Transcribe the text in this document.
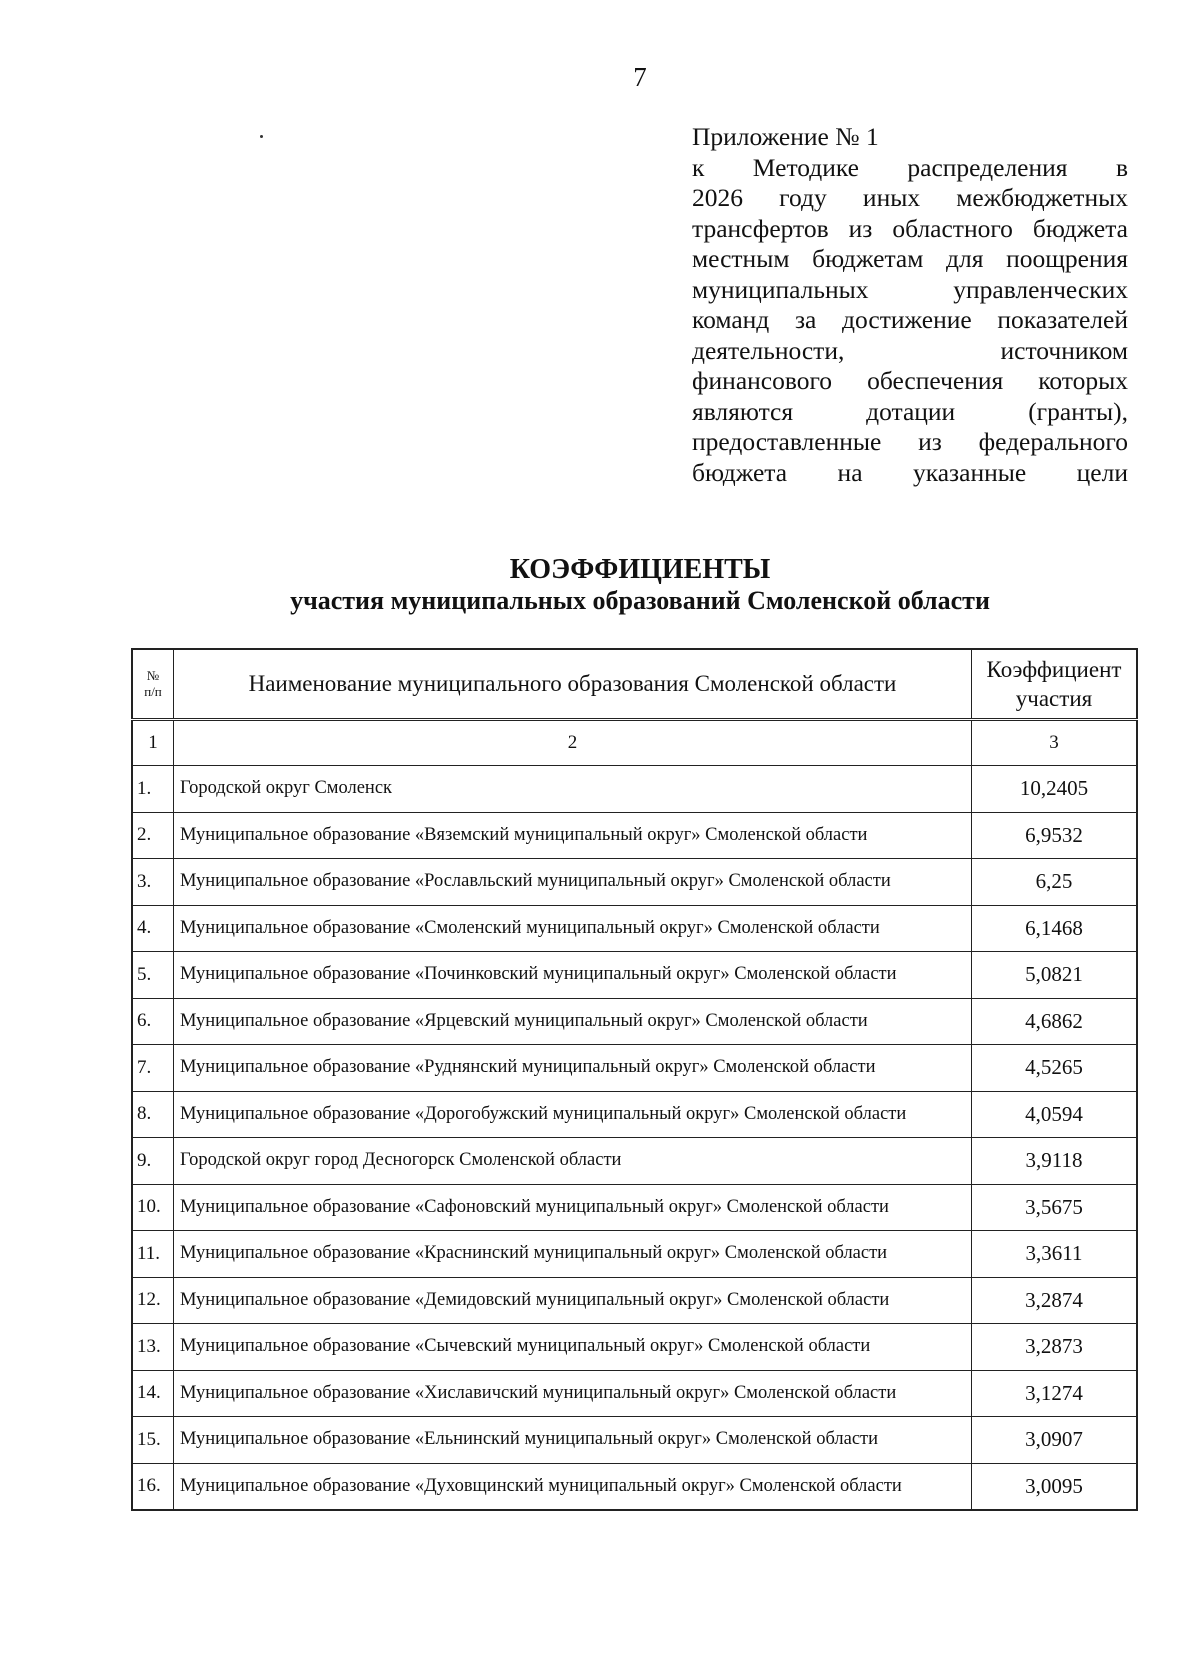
7
Приложение № 1
к Методике распределения в
2026 году иных межбюджетных
трансфертов из областного бюджета
местным бюджетам для поощрения
муниципальных управленческих
команд за достижение показателей
деятельности, источником
финансового обеспечения которых
являются дотации (гранты),
предоставленные из федерального
бюджета на указанные цели
КОЭФФИЦИЕНТЫ
участия муниципальных образований Смоленской области
№
п/п	Наименование муниципального образования Смоленской области	Коэффициент
участия
1	2	3
1.	Городской округ Смоленск	10,2405
2.	Муниципальное образование «Вяземский муниципальный округ» Смоленской области	6,9532
3.	Муниципальное образование «Рославльский муниципальный округ» Смоленской области	6,25
4.	Муниципальное образование «Смоленский муниципальный округ» Смоленской области	6,1468
5.	Муниципальное образование «Починковский муниципальный округ» Смоленской области	5,0821
6.	Муниципальное образование «Ярцевский муниципальный округ» Смоленской области	4,6862
7.	Муниципальное образование «Руднянский муниципальный округ» Смоленской области	4,5265
8.	Муниципальное образование «Дорогобужский муниципальный округ» Смоленской области	4,0594
9.	Городской округ город Десногорск Смоленской области	3,9118
10.	Муниципальное образование «Сафоновский муниципальный округ» Смоленской области	3,5675
11.	Муниципальное образование «Краснинский муниципальный округ» Смоленской области	3,3611
12.	Муниципальное образование «Демидовский муниципальный округ» Смоленской области	3,2874
13.	Муниципальное образование «Сычевский муниципальный округ» Смоленской области	3,2873
14.	Муниципальное образование «Хиславичский муниципальный округ» Смоленской области	3,1274
15.	Муниципальное образование «Ельнинский муниципальный округ» Смоленской области	3,0907
16.	Муниципальное образование «Духовщинский муниципальный округ» Смоленской области	3,0095
